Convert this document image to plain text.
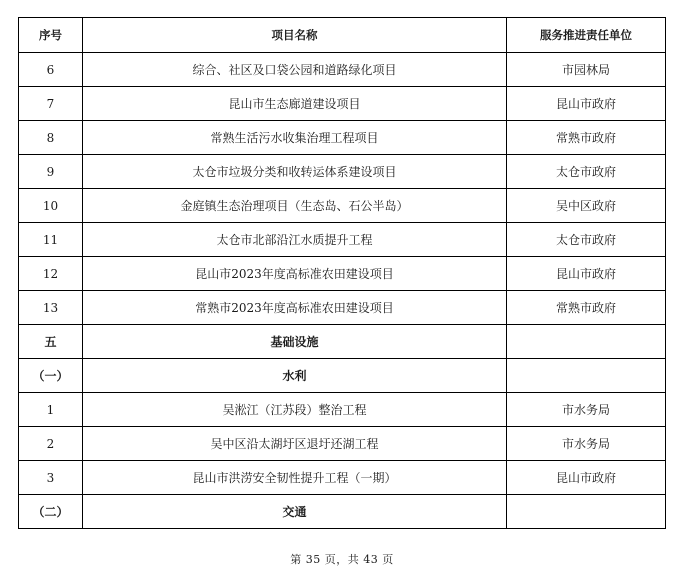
序号	项目名称	服务推进责任单位
6	综合、社区及口袋公园和道路绿化项目	市园林局
7	昆山市生态廊道建设项目	昆山市政府
8	常熟生活污水收集治理工程项目	常熟市政府
9	太仓市垃圾分类和收转运体系建设项目	太仓市政府
10	金庭镇生态治理项目（生态岛、石公半岛）	吴中区政府
11	太仓市北部沿江水质提升工程	太仓市政府
12	昆山市2023年度高标准农田建设项目	昆山市政府
13	常熟市2023年度高标准农田建设项目	常熟市政府
五	基础设施	
（一）	水利	
1	吴淞江（江苏段）整治工程	市水务局
2	吴中区沿太湖圩区退圩还湖工程	市水务局
3	昆山市洪涝安全韧性提升工程（一期）	昆山市政府
（二）	交通	
第 35 页，共 43 页
